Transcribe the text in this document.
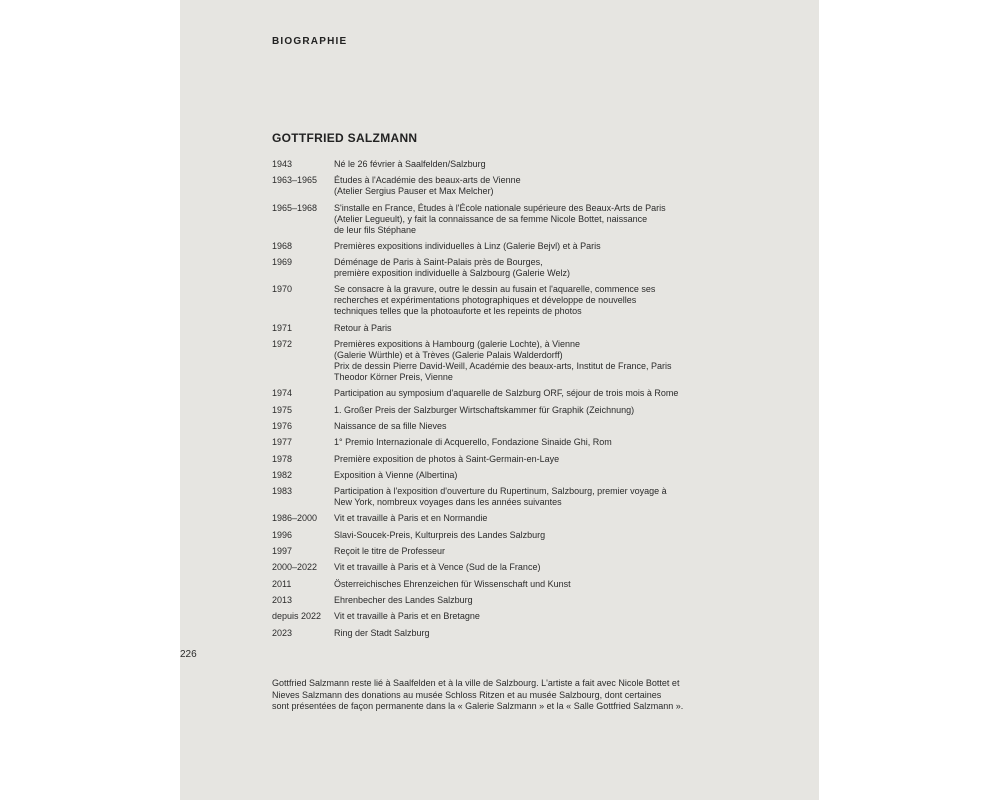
BIOGRAPHIE
GOTTFRIED SALZMANN
1943	Né le 26 février à Saalfelden/Salzburg
1963–1965	Études à l'Académie des beaux-arts de Vienne
(Atelier Sergius Pauser et Max Melcher)
1965–1968	S'installe en France, Études à l'École nationale supérieure des Beaux-Arts de Paris
(Atelier Legueult), y fait la connaissance de sa femme Nicole Bottet, naissance
de leur fils Stéphane
1968	Premières expositions individuelles à Linz (Galerie Bejvl) et à Paris
1969	Déménage de Paris à Saint-Palais près de Bourges,
première exposition individuelle à Salzbourg (Galerie Welz)
1970	Se consacre à la gravure, outre le dessin au fusain et l'aquarelle, commence ses
recherches et expérimentations photographiques et développe de nouvelles
techniques telles que la photoauforte et les repeints de photos
1971	Retour à Paris
1972	Premières expositions à Hambourg (galerie Lochte), à Vienne
(Galerie Würthle) et à Trèves (Galerie Palais Walderdorff)
Prix de dessin Pierre David-Weill, Académie des beaux-arts, Institut de France, Paris
Theodor Körner Preis, Vienne
1974	Participation au symposium d'aquarelle de Salzburg ORF, séjour de trois mois à Rome
1975	1. Großer Preis der Salzburger Wirtschaftskammer für Graphik (Zeichnung)
1976	Naissance de sa fille Nieves
1977	1° Premio Internazionale di Acquerello, Fondazione Sinaide Ghi, Rom
1978	Première exposition de photos à Saint-Germain-en-Laye
1982	Exposition à Vienne (Albertina)
1983	Participation à l'exposition d'ouverture du Rupertinum, Salzbourg, premier voyage à
New York, nombreux voyages dans les années suivantes
1986–2000	Vit et travaille à Paris et en Normandie
1996	Slavi-Soucek-Preis, Kulturpreis des Landes Salzburg
1997	Reçoit le titre de Professeur
2000–2022	Vit et travaille à Paris et à Vence (Sud de la France)
2011	Österreichisches Ehrenzeichen für Wissenschaft und Kunst
2013	Ehrenbecher des Landes Salzburg
depuis 2022	Vit et travaille à Paris et en Bretagne
2023	Ring der Stadt Salzburg
226
Gottfried Salzmann reste lié à Saalfelden et à la ville de Salzbourg. L'artiste a fait avec Nicole Bottet et
Nieves Salzmann des donations au musée Schloss Ritzen et au musée Salzbourg, dont certaines
sont présentées de façon permanente dans la « Galerie Salzmann » et la « Salle Gottfried Salzmann ».
